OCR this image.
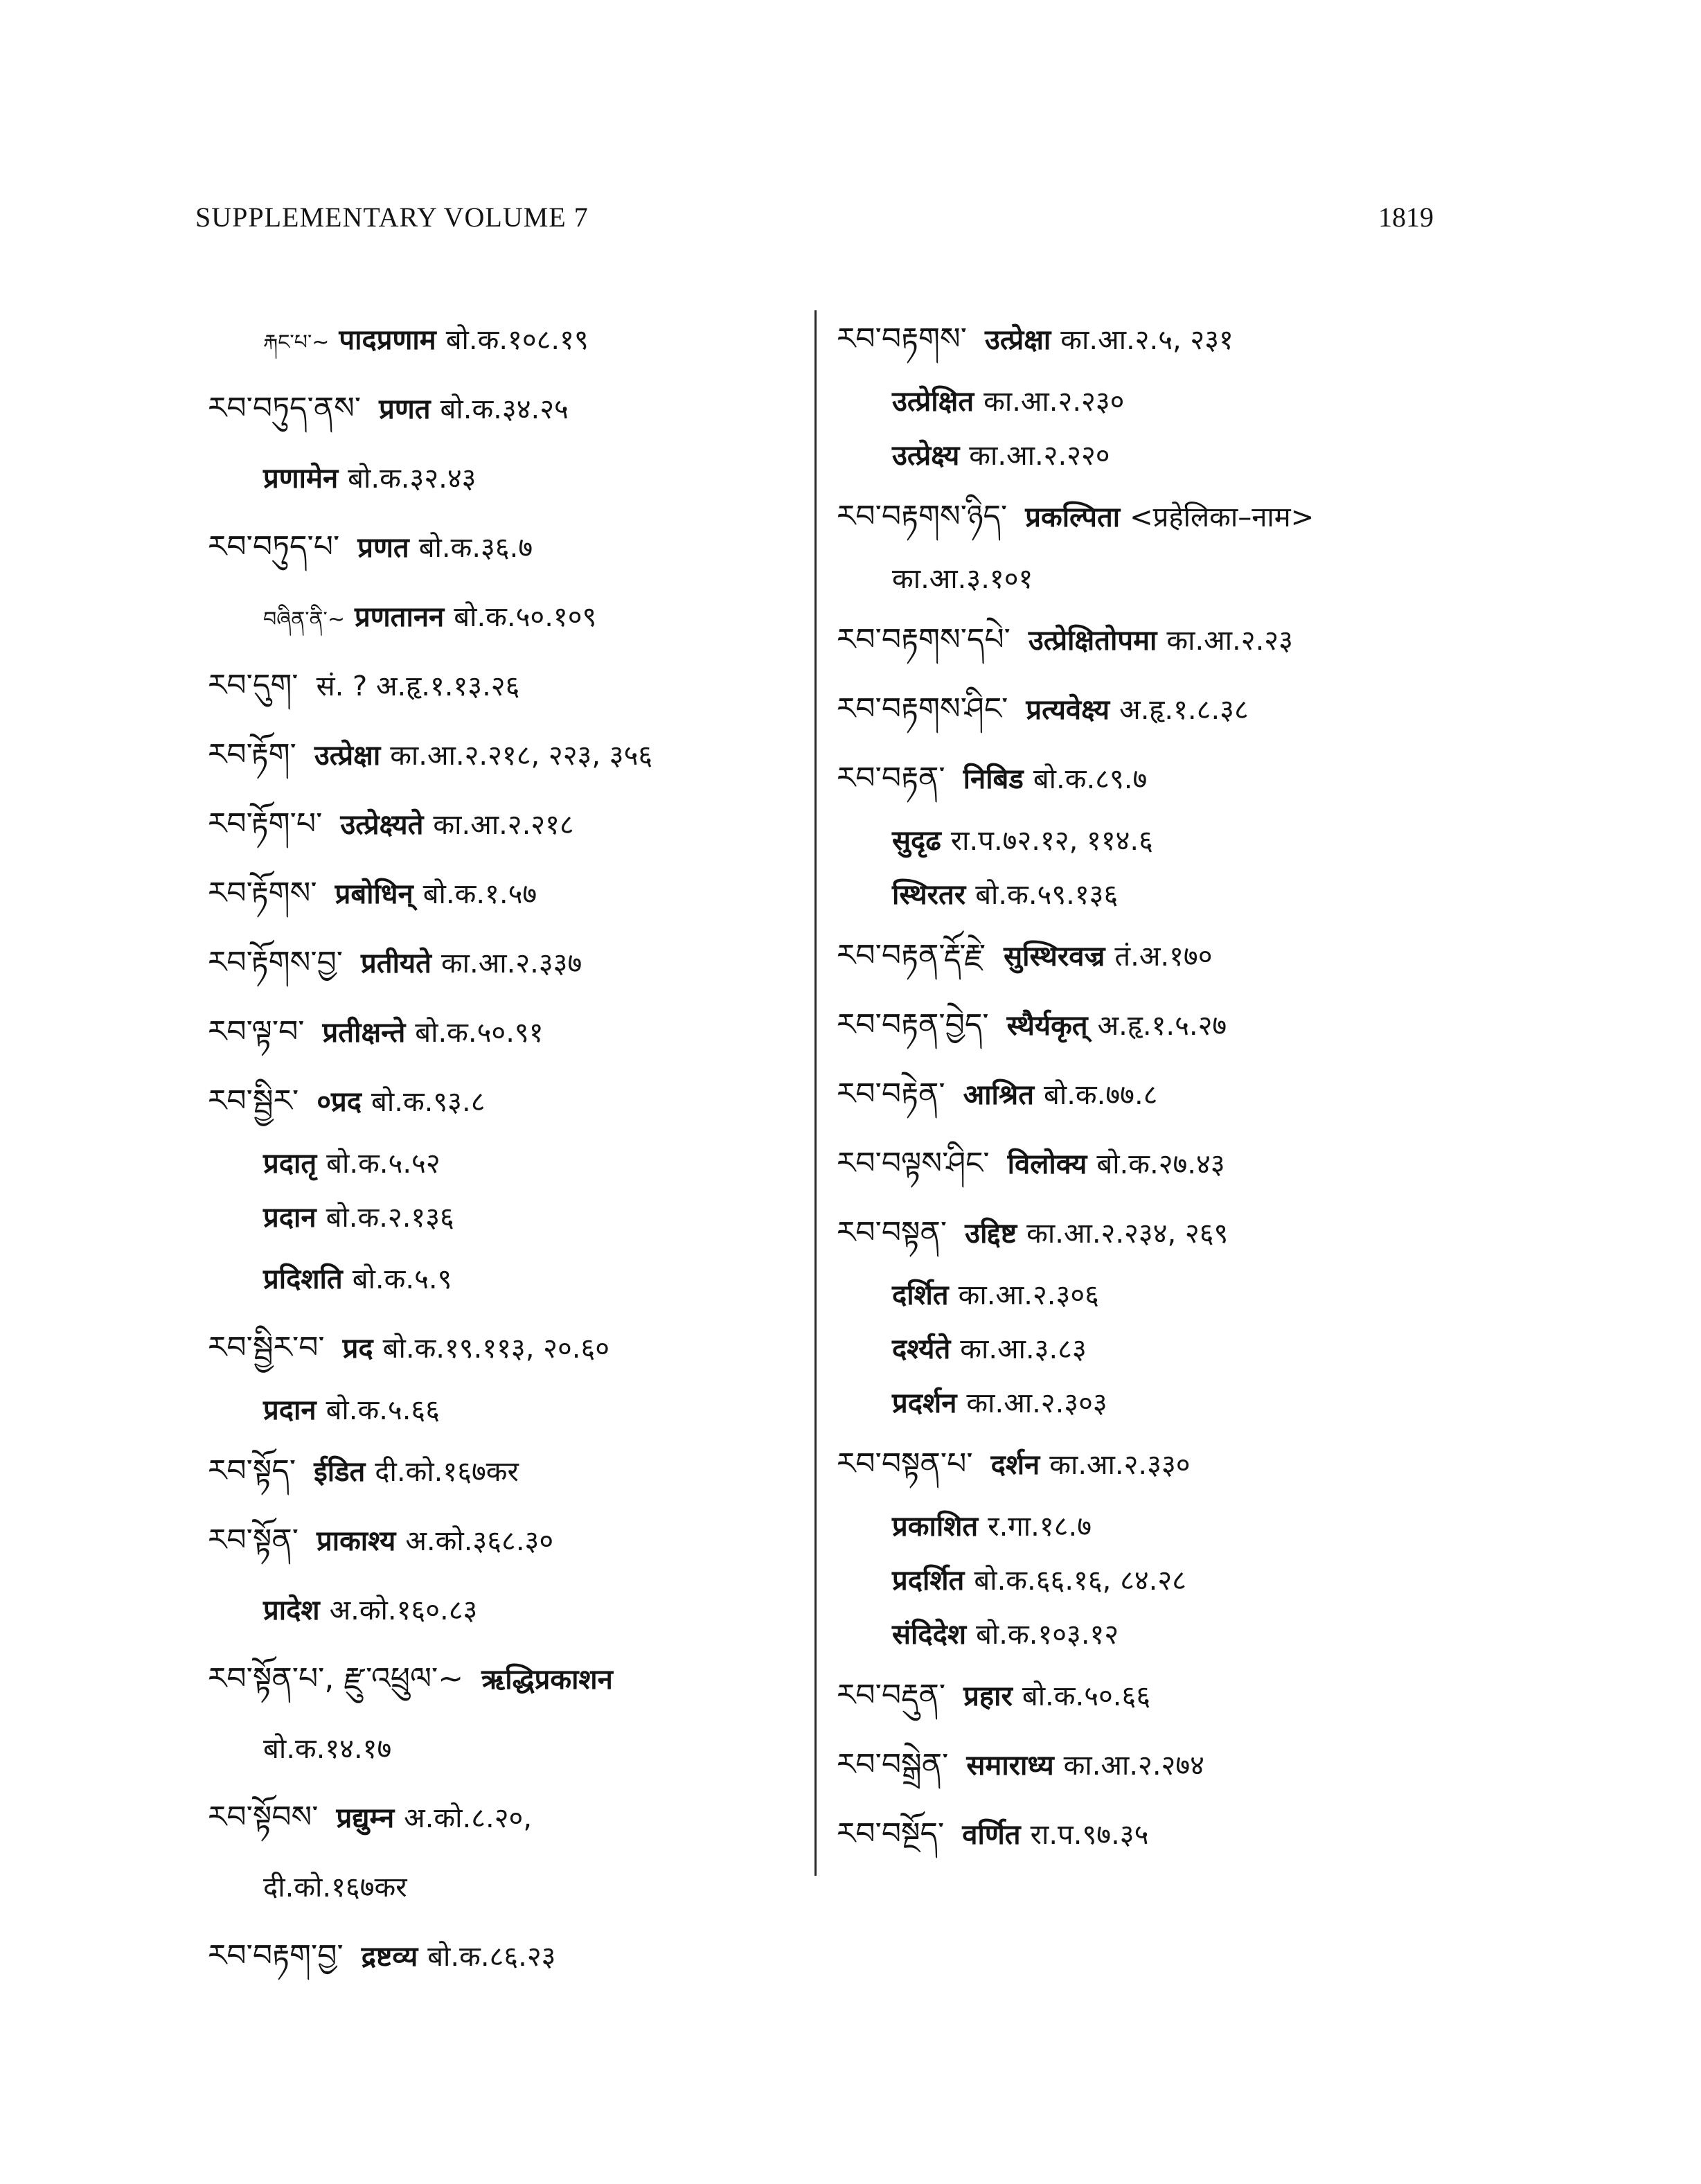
SUPPLEMENTARY VOLUME 7	1819
རྐང་པ་~ पादप्रणाम बो.क.१०८.१९
རབ་བཏུད་ནས་ प्रणत बो.क.३४.२५
प्रणामेन बो.क.३२.४३
རབ་བཏུད་པ་ प्रणत बो.क.३६.७
བཞིན་ནི་~ प्रणतानन बो.क.५०.१०९
རབ་དུག་ सं. ? अ.हृ.१.१३.२६
རབ་རྟོག་ उत्प्रेक्षा का.आ.२.२१८, २२३, ३५६
རབ་རྟོག་པ་ उत्प्रेक्ष्यते का.आ.२.२१८
རབ་རྟོགས་ प्रबोधिन् बो.क.१.५७
རབ་རྟོགས་བྱ་ प्रतीयते का.आ.२.३३७
རབ་ལྟ་བ་ प्रतीक्षन्ते बो.क.५०.९१
རབ་སྦྱིར་ ०प्रद बो.क.९३.८
प्रदातृ बो.क.५.५२
प्रदान बो.क.२.१३६
प्रदिशति बो.क.५.९
རབ་སྦྱིར་བ་ प्रद बो.क.१९.११३, २०.६०
प्रदान बो.क.५.६६
རབ་སྟོད་ ईडित दी.को.१६७कर
རབ་སྟོན་ प्राकाश्य अ.को.३६८.३०
प्रादेश अ.को.१६०.८३
རབ་སྟོན་པ་, རྫུ་འཕྲུལ་~ ऋद्धिप्रकाशन
बो.क.१४.१७
རབ་སྟོབས་ प्रद्युम्न अ.को.८.२०,
दी.को.१६७कर
རབ་བརྟག་བྱ་ द्रष्टव्य बो.क.८६.२३
རབ་བརྟགས་ उत्प्रेक्षा का.आ.२.५, २३१
उत्प्रेक्षित का.आ.२.२३०
उत्प्रेक्ष्य का.आ.२.२२०
རབ་བརྟགས་ཉིད་ प्रकल्पिता <प्रहेलिका–नाम>
का.आ.३.१०१
རབ་བརྟགས་དཔེ་ उत्प्रेक्षितोपमा का.आ.२.२३
རབ་བརྟགས་ཤིང་ प्रत्यवेक्ष्य अ.हृ.१.८.३८
རབ་བརྟན་ निबिड बो.क.८९.७
सुदृढ रा.प.७२.१२, ११४.६
स्थिरतर बो.क.५९.१३६
རབ་བརྟན་རྡོ་རྗེ་ सुस्थिरवज्र तं.अ.१७०
རབ་བརྟན་བྱེད་ स्थैर्यकृत् अ.हृ.१.५.२७
རབ་བརྟེན་ आश्रित बो.क.७७.८
རབ་བལྟས་ཤིང་ विलोक्य बो.क.२७.४३
རབ་བསྟན་ उद्दिष्ट का.आ.२.२३४, २६९
दर्शित का.आ.२.३०६
दर्श्यते का.आ.३.८३
प्रदर्शन का.आ.२.३०३
རབ་བསྟན་པ་ दर्शन का.आ.२.३३०
प्रकाशित र.गा.१८.७
प्रदर्शित बो.क.६६.१६, ८४.२८
संदिदेश बो.क.१०३.१२
རབ་བརྡུན་ प्रहार बो.क.५०.६६
རབ་བསྒྲེན་ समाराध्य का.आ.२.२७४
རབ་བསྔོད་ वर्णित रा.प.९७.३५
